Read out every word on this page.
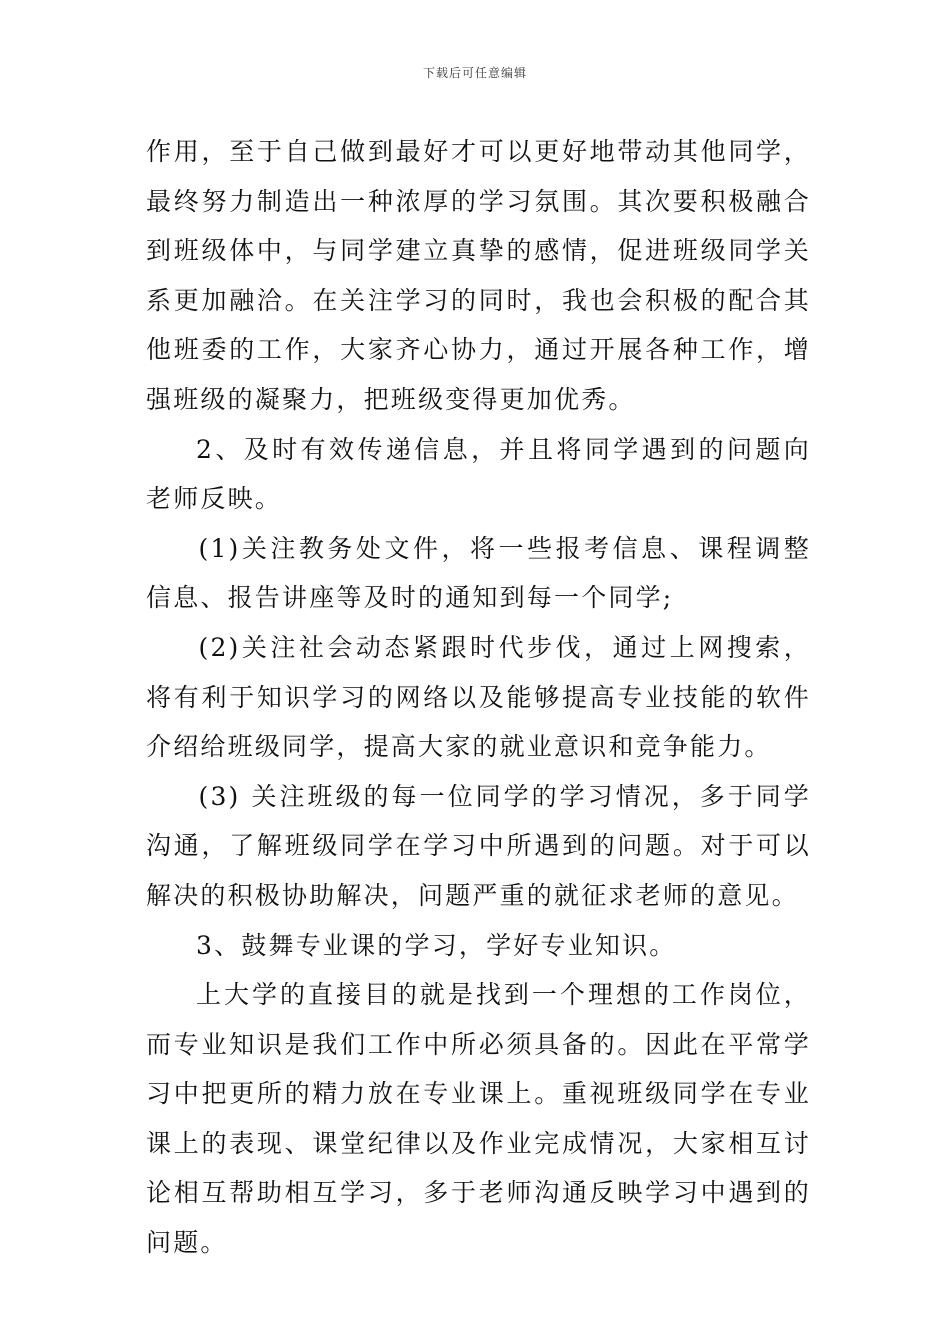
下载后可任意编辑

作用，至于自己做到最好才可以更好地带动其他同学，最终努力制造出一种浓厚的学习氛围。其次要积极融合到班级体中，与同学建立真挚的感情，促进班级同学关系更加融洽。在关注学习的同时，我也会积极的配合其他班委的工作，大家齐心协力，通过开展各种工作，增强班级的凝聚力，把班级变得更加优秀。

2、及时有效传递信息，并且将同学遇到的问题向老师反映。

(1)关注教务处文件，将一些报考信息、课程调整信息、报告讲座等及时的通知到每一个同学;

(2)关注社会动态紧跟时代步伐，通过上网搜索，将有利于知识学习的网络以及能够提高专业技能的软件介绍给班级同学，提高大家的就业意识和竞争能力。

(3) 关注班级的每一位同学的学习情况，多于同学沟通，了解班级同学在学习中所遇到的问题。对于可以解决的积极协助解决，问题严重的就征求老师的意见。

3、鼓舞专业课的学习，学好专业知识。

上大学的直接目的就是找到一个理想的工作岗位，而专业知识是我们工作中所必须具备的。因此在平常学习中把更所的精力放在专业课上。重视班级同学在专业课上的表现、课堂纪律以及作业完成情况，大家相互讨论相互帮助相互学习，多于老师沟通反映学习中遇到的问题。
